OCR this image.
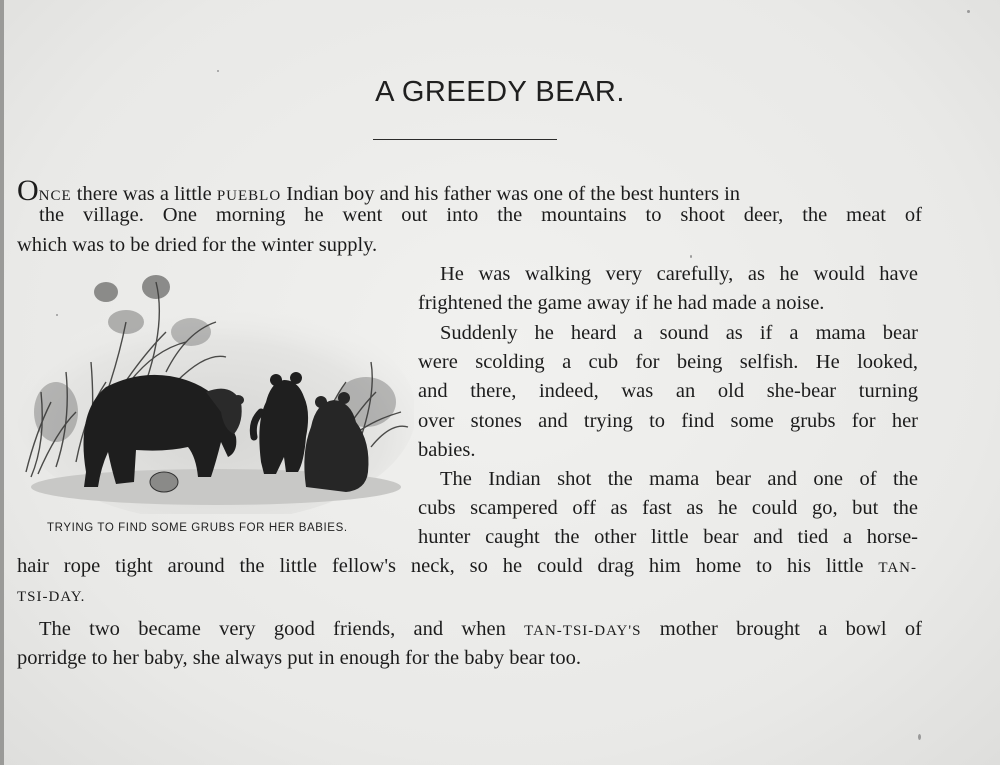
A GREEDY BEAR.
ONCE there was a little PUEBLO Indian boy and his father was one of the best hunters in
the village. One morning he went out into the mountains to shoot deer, the meat of
which was to be dried for the winter supply.
He was walking very carefully, as he would have
frightened the game away if he had made a noise.
Suddenly he heard a sound as if a mama bear
were scolding a cub for being selfish. He looked,
and there, indeed, was an old she-bear turning
over stones and trying to find some grubs for her
babies.
The Indian shot the mama bear and one of the
cubs scampered off as fast as he could go, but the
hunter caught the other little bear and tied a horse-
hair rope tight around the little fellow's neck, so he could drag him home to his little TAN-
TSI-DAY.
The two became very good friends, and when TAN-TSI-DAY'S mother brought a bowl of
porridge to her baby, she always put in enough for the baby bear too.
TRYING TO FIND SOME GRUBS FOR HER BABIES.
